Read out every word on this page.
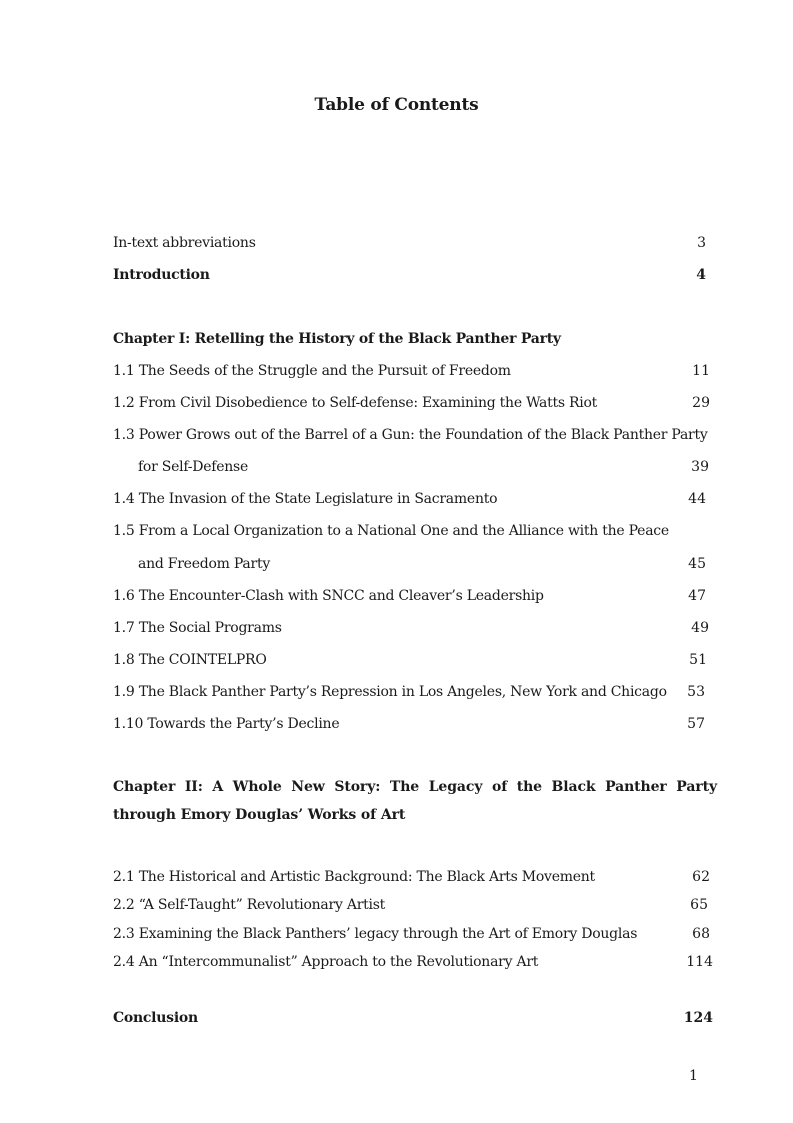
Table of Contents
In-text abbreviations	3
Introduction	4
Chapter I: Retelling the History of the Black Panther Party
1.1 The Seeds of the Struggle and the Pursuit of Freedom	11
1.2 From Civil Disobedience to Self-defense: Examining the Watts Riot	29
1.3 Power Grows out of the Barrel of a Gun: the Foundation of the Black Panther Party
for Self-Defense	39
1.4 The Invasion of the State Legislature in Sacramento	44
1.5 From a Local Organization to a National One and the Alliance with the Peace
and Freedom Party	45
1.6 The Encounter-Clash with SNCC and Cleaver’s Leadership	47
1.7 The Social Programs	49
1.8 The COINTELPRO	51
1.9 The Black Panther Party’s Repression in Los Angeles, New York and Chicago 53
1.10 Towards the Party’s Decline	57
Chapter II: A Whole New Story: The Legacy of the Black Panther Party through Emory Douglas’ Works of Art
2.1 The Historical and Artistic Background: The Black Arts Movement	62
2.2 “A Self-Taught” Revolutionary Artist	65
2.3 Examining the Black Panthers’ legacy through the Art of Emory Douglas	68
2.4 An “Intercommunalist” Approach to the Revolutionary Art	114
Conclusion	124
1
